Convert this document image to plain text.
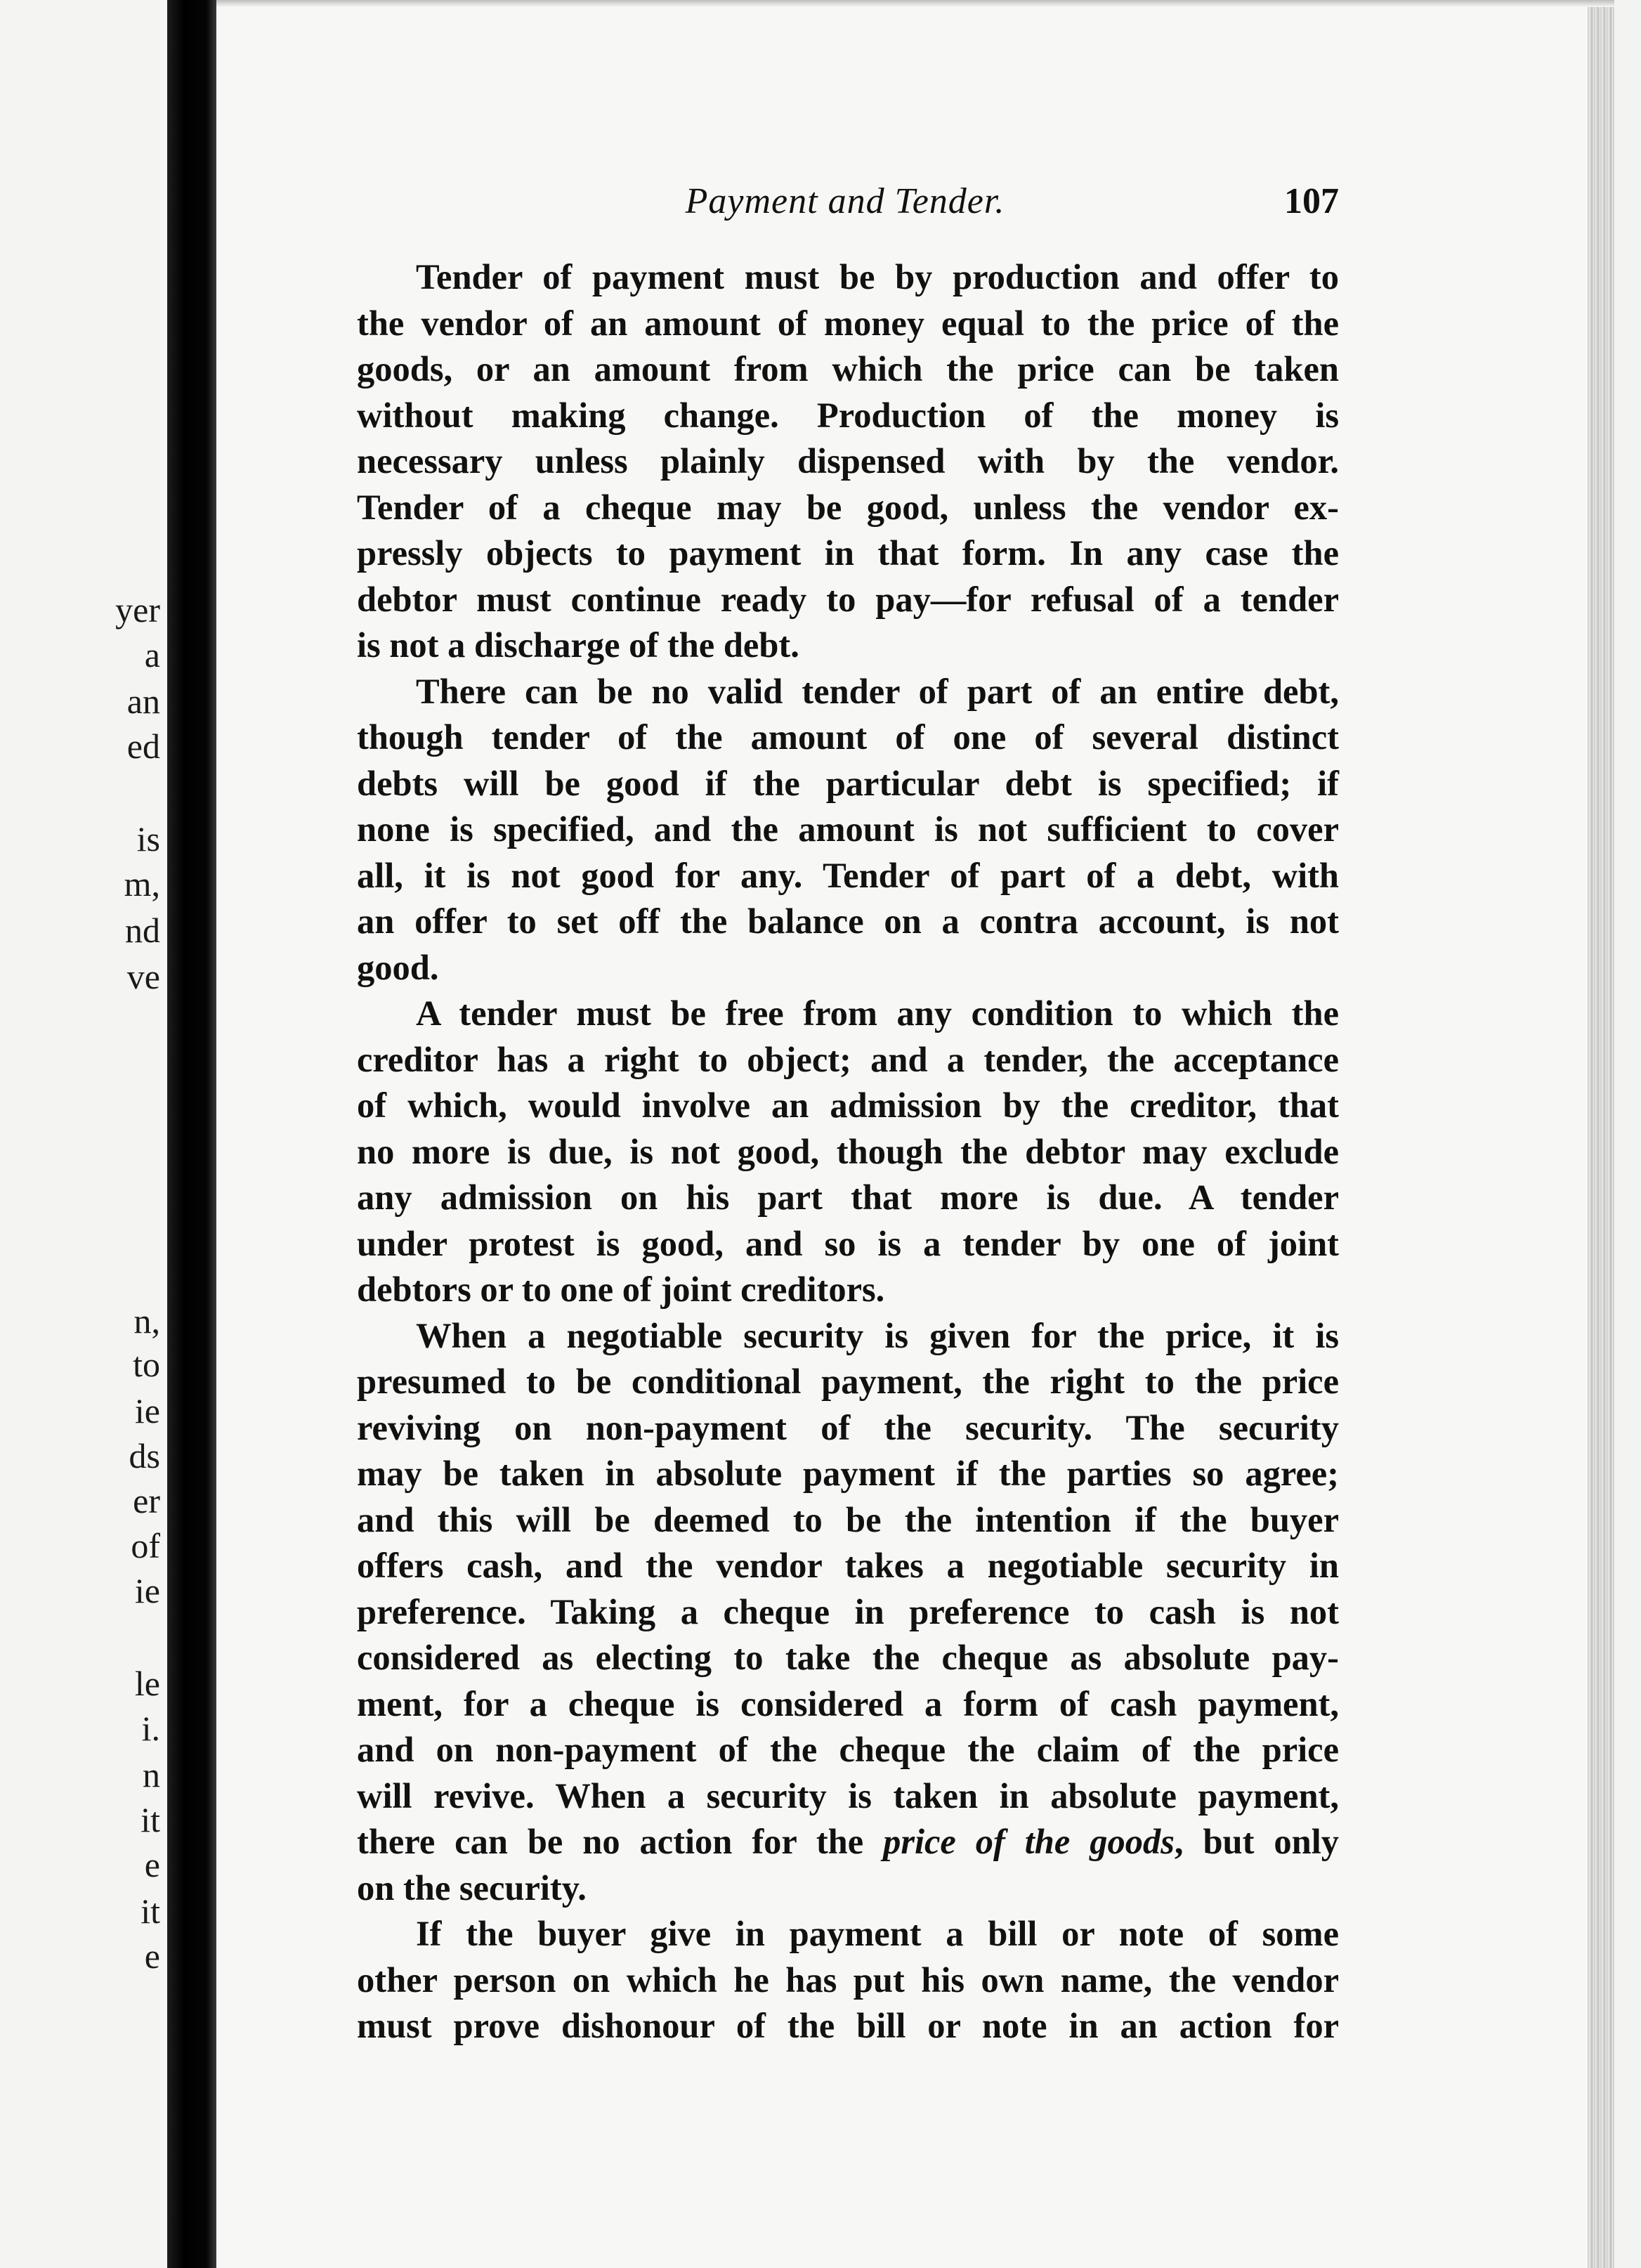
yer
a
an
ed
is
m,
nd
ve
n,
to
ie
ds
er
of
ie
le
i.
n
it
e
it
e
Payment and Tender.	107
Tender of payment must be by production and offer to
the vendor of an amount of money equal to the price of the
goods, or an amount from which the price can be taken
without making change. Production of the money is
necessary unless plainly dispensed with by the vendor.
Tender of a cheque may be good, unless the vendor ex-
pressly objects to payment in that form. In any case the
debtor must continue ready to pay—for refusal of a tender
is not a discharge of the debt.
There can be no valid tender of part of an entire debt,
though tender of the amount of one of several distinct
debts will be good if the particular debt is specified; if
none is specified, and the amount is not sufficient to cover
all, it is not good for any. Tender of part of a debt, with
an offer to set off the balance on a contra account, is not
good.
A tender must be free from any condition to which the
creditor has a right to object; and a tender, the acceptance
of which, would involve an admission by the creditor, that
no more is due, is not good, though the debtor may exclude
any admission on his part that more is due. A tender
under protest is good, and so is a tender by one of joint
debtors or to one of joint creditors.
When a negotiable security is given for the price, it is
presumed to be conditional payment, the right to the price
reviving on non-payment of the security. The security
may be taken in absolute payment if the parties so agree;
and this will be deemed to be the intention if the buyer
offers cash, and the vendor takes a negotiable security in
preference. Taking a cheque in preference to cash is not
considered as electing to take the cheque as absolute pay-
ment, for a cheque is considered a form of cash payment,
and on non-payment of the cheque the claim of the price
will revive. When a security is taken in absolute payment,
there can be no action for the price of the goods, but only
on the security.
If the buyer give in payment a bill or note of some
other person on which he has put his own name, the vendor
must prove dishonour of the bill or note in an action for
